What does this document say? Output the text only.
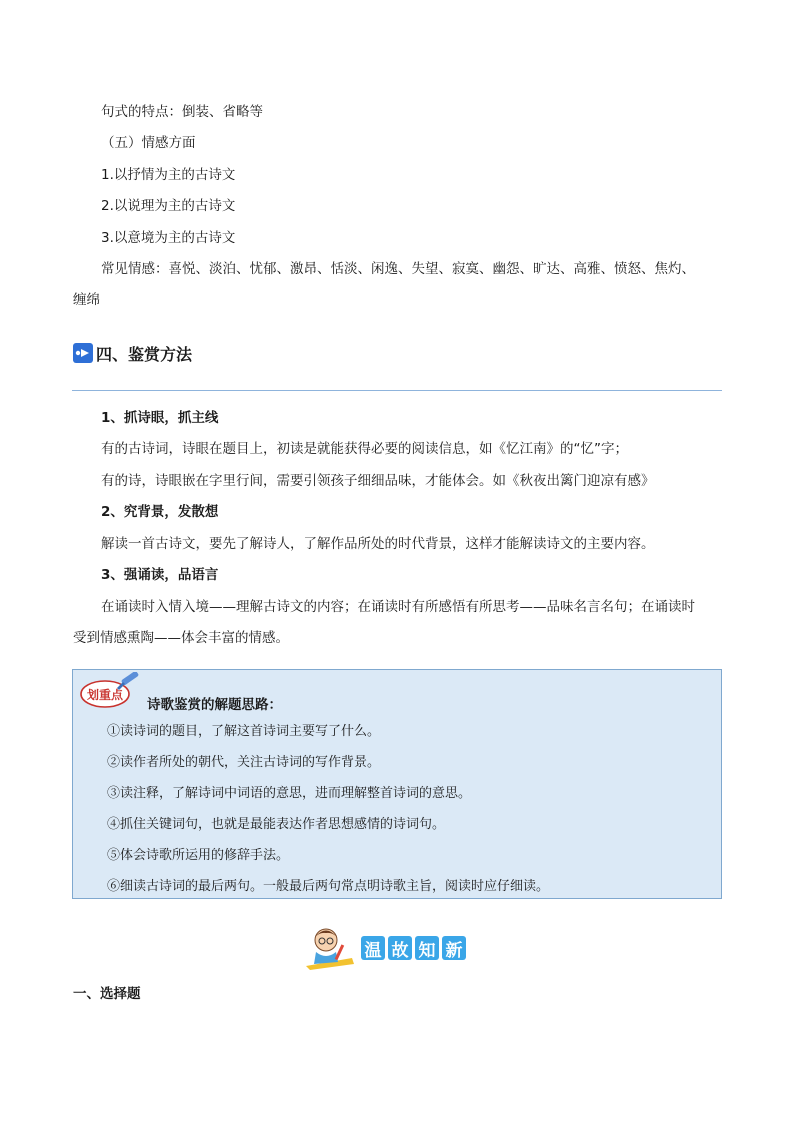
句式的特点：倒装、省略等
（五）情感方面
1.以抒情为主的古诗文
2.以说理为主的古诗文
3.以意境为主的古诗文
常见情感：喜悦、淡泊、忧郁、激昂、恬淡、闲逸、失望、寂寞、幽怨、旷达、高雅、愤怒、焦灼、
缠绵
四、鉴赏方法
1、抓诗眼，抓主线
有的古诗词，诗眼在题目上，初读是就能获得必要的阅读信息，如《忆江南》的“忆”字；
有的诗，诗眼嵌在字里行间，需要引领孩子细细品味，才能体会。如《秋夜出篱门迎凉有感》
2、究背景，发散想
解读一首古诗文，要先了解诗人，了解作品所处的时代背景，这样才能解读诗文的主要内容。
3、强诵读，品语言
在诵读时入情入境——理解古诗文的内容；在诵读时有所感悟有所思考——品味名言名句；在诵读时
受到情感熏陶——体会丰富的情感。
划重点
诗歌鉴赏的解题思路：
①读诗词的题目，了解这首诗词主要写了什么。
②读作者所处的朝代，关注古诗词的写作背景。
③读注释，了解诗词中词语的意思，进而理解整首诗词的意思。
④抓住关键词句，也就是最能表达作者思想感情的诗词句。
⑤体会诗歌所运用的修辞手法。
⑥细读古诗词的最后两句。一般最后两句常点明诗歌主旨，阅读时应仔细读。
温 故 知 新
一、选择题
